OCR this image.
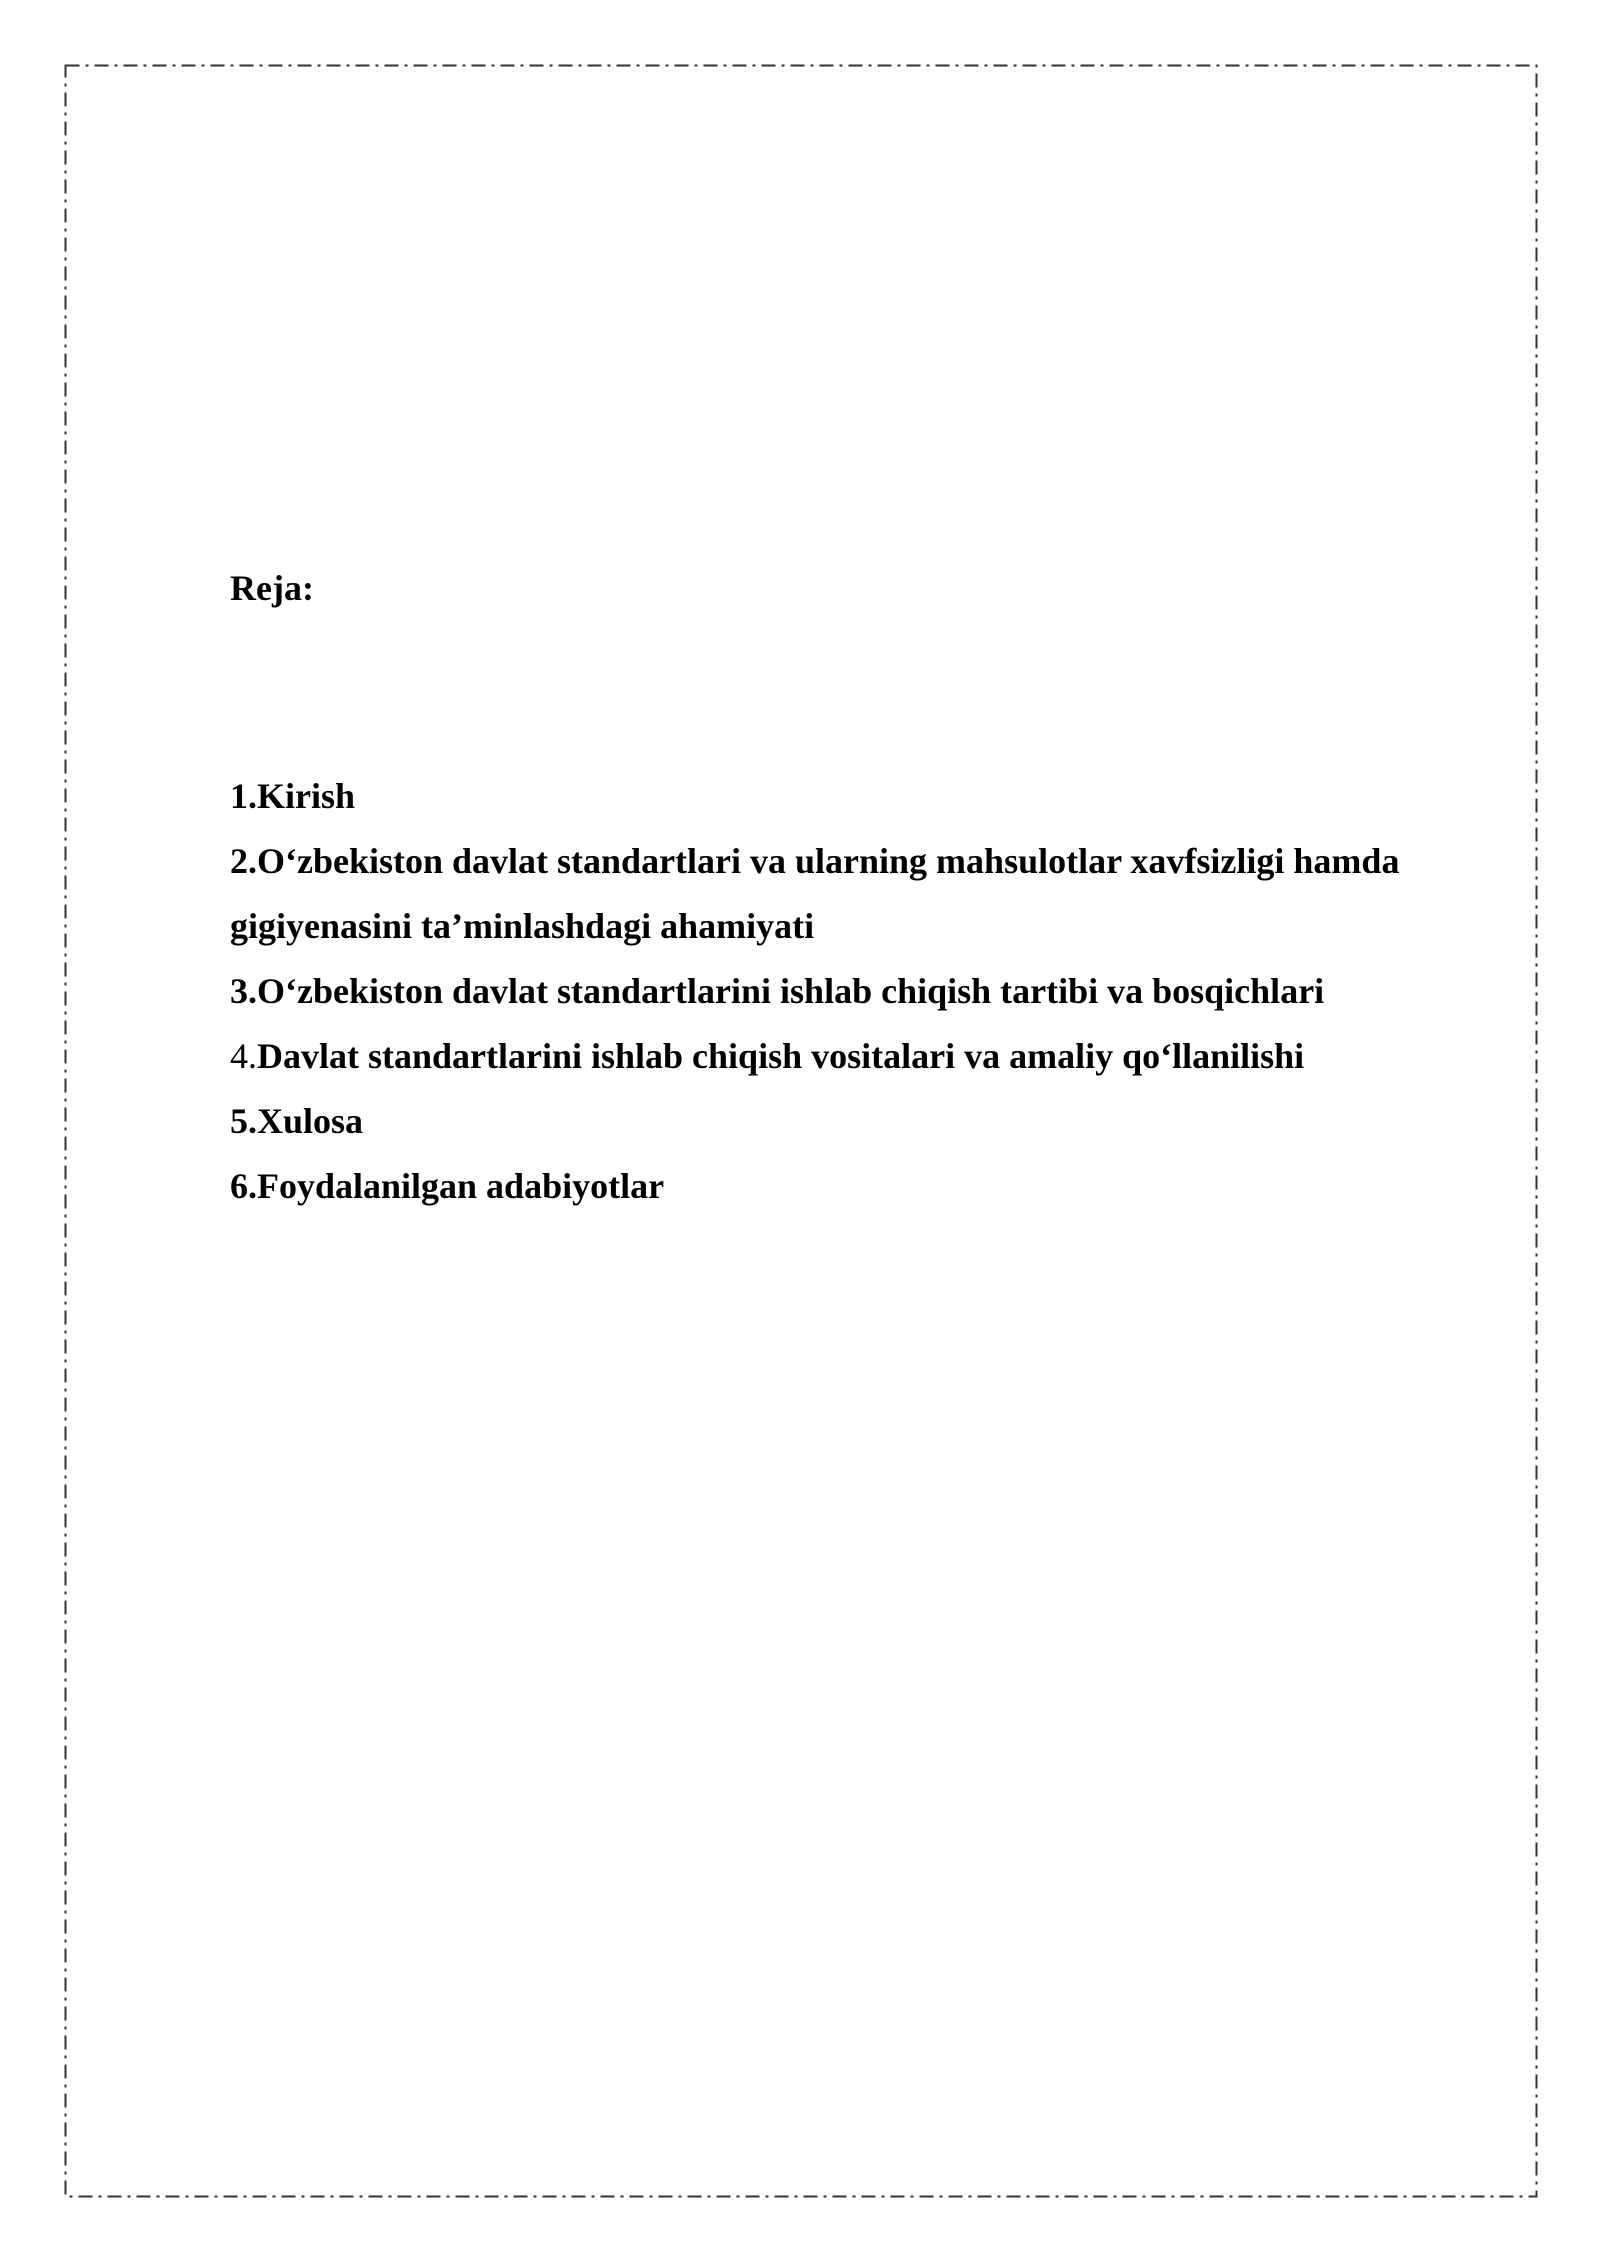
Reja:
1.Kirish
2.O‘zbekiston davlat standartlari va ularning mahsulotlar xavfsizligi hamda gigiyenasini ta’minlashdagi ahamiyati
3.O‘zbekiston davlat standartlarini ishlab chiqish tartibi va bosqichlari
4.Davlat standartlarini ishlab chiqish vositalari va amaliy qo‘llanilishi
5.Xulosa
6.Foydalanilgan adabiyotlar
